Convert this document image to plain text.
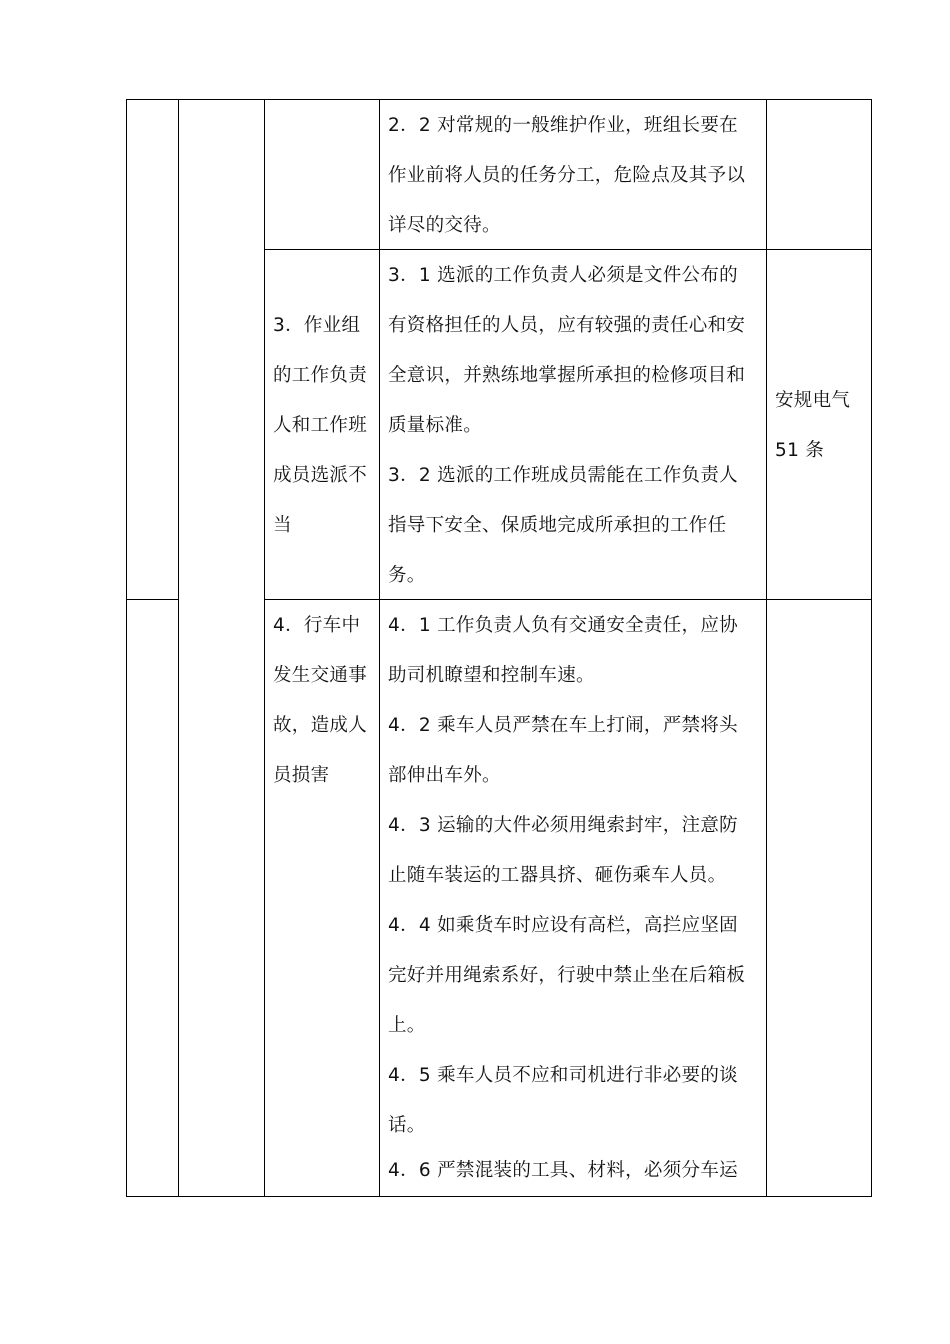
2．2 对常规的一般维护作业，班组长要在
作业前将人员的任务分工，危险点及其予以
详尽的交待。
3．作业组
的工作负责
人和工作班
成员选派不
当
3．1 选派的工作负责人必须是文件公布的
有资格担任的人员，应有较强的责任心和安
全意识，并熟练地掌握所承担的检修项目和
质量标准。
3．2 选派的工作班成员需能在工作负责人
指导下安全、保质地完成所承担的工作任
务。
安规电气
51 条
4．行车中
发生交通事
故，造成人
员损害
4．1 工作负责人负有交通安全责任，应协
助司机瞭望和控制车速。
4．2 乘车人员严禁在车上打闹，严禁将头
部伸出车外。
4．3 运输的大件必须用绳索封牢，注意防
止随车装运的工器具挤、砸伤乘车人员。
4．4 如乘货车时应设有高栏，高拦应坚固
完好并用绳索系好，行驶中禁止坐在后箱板
上。
4．5 乘车人员不应和司机进行非必要的谈
话。
4．6 严禁混装的工具、材料，必须分车运
